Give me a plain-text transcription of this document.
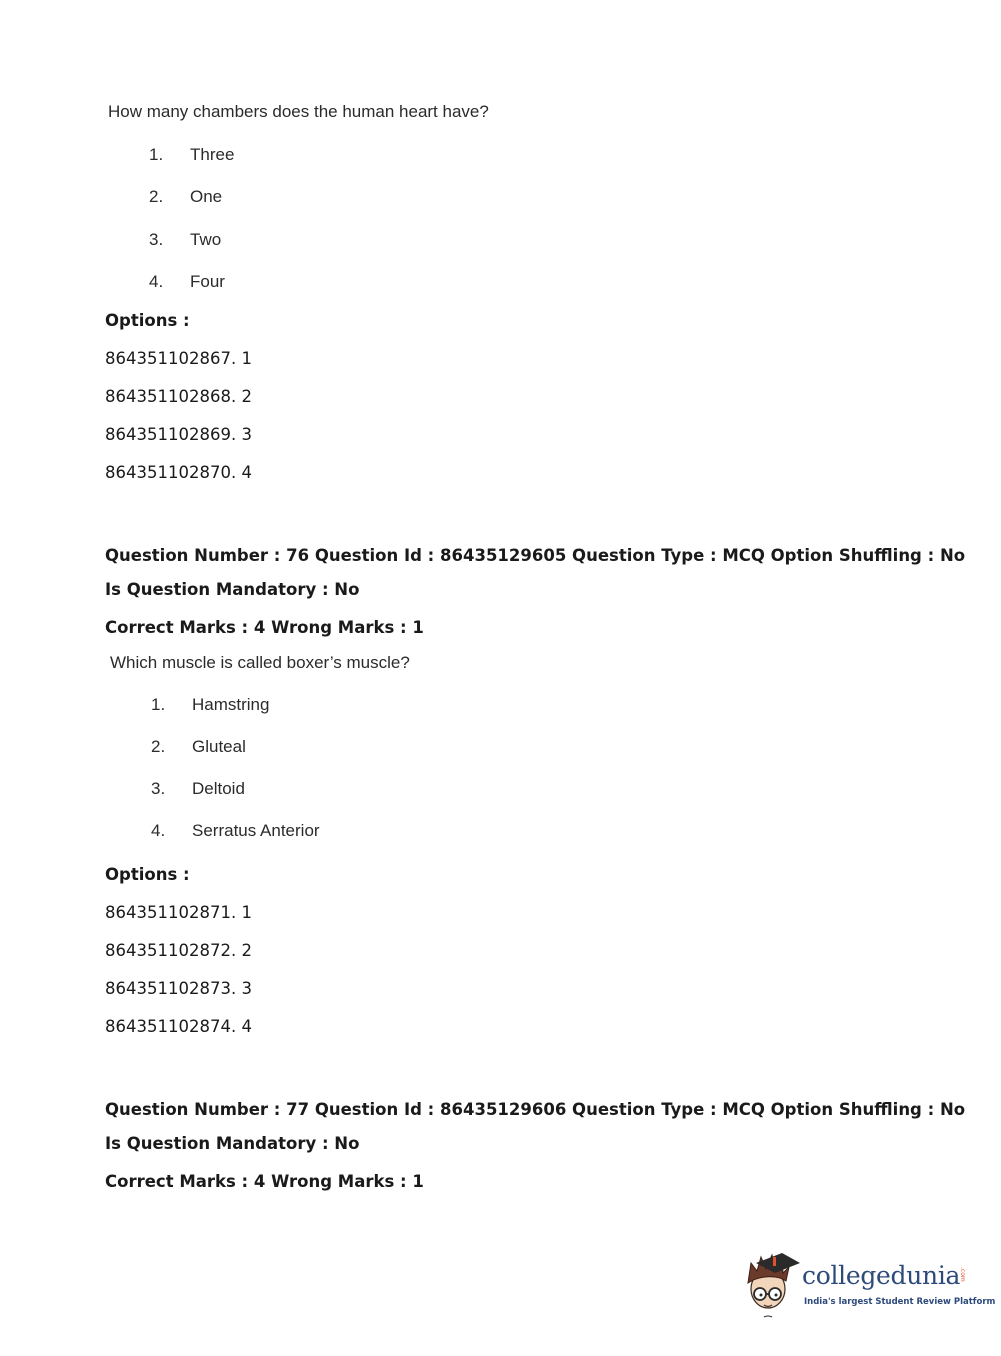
How many chambers does the human heart have?
1. Three
2. One
3. Two
4. Four
Options :
864351102867. 1
864351102868. 2
864351102869. 3
864351102870. 4
Question Number : 76 Question Id : 86435129605 Question Type : MCQ Option Shuffling : No
Is Question Mandatory : No
Correct Marks : 4 Wrong Marks : 1
Which muscle is called boxer’s muscle?
1. Hamstring
2. Gluteal
3. Deltoid
4. Serratus Anterior
Options :
864351102871. 1
864351102872. 2
864351102873. 3
864351102874. 4
Question Number : 77 Question Id : 86435129606 Question Type : MCQ Option Shuffling : No
Is Question Mandatory : No
Correct Marks : 4 Wrong Marks : 1
collegedunia
.com
India's largest Student Review Platform
